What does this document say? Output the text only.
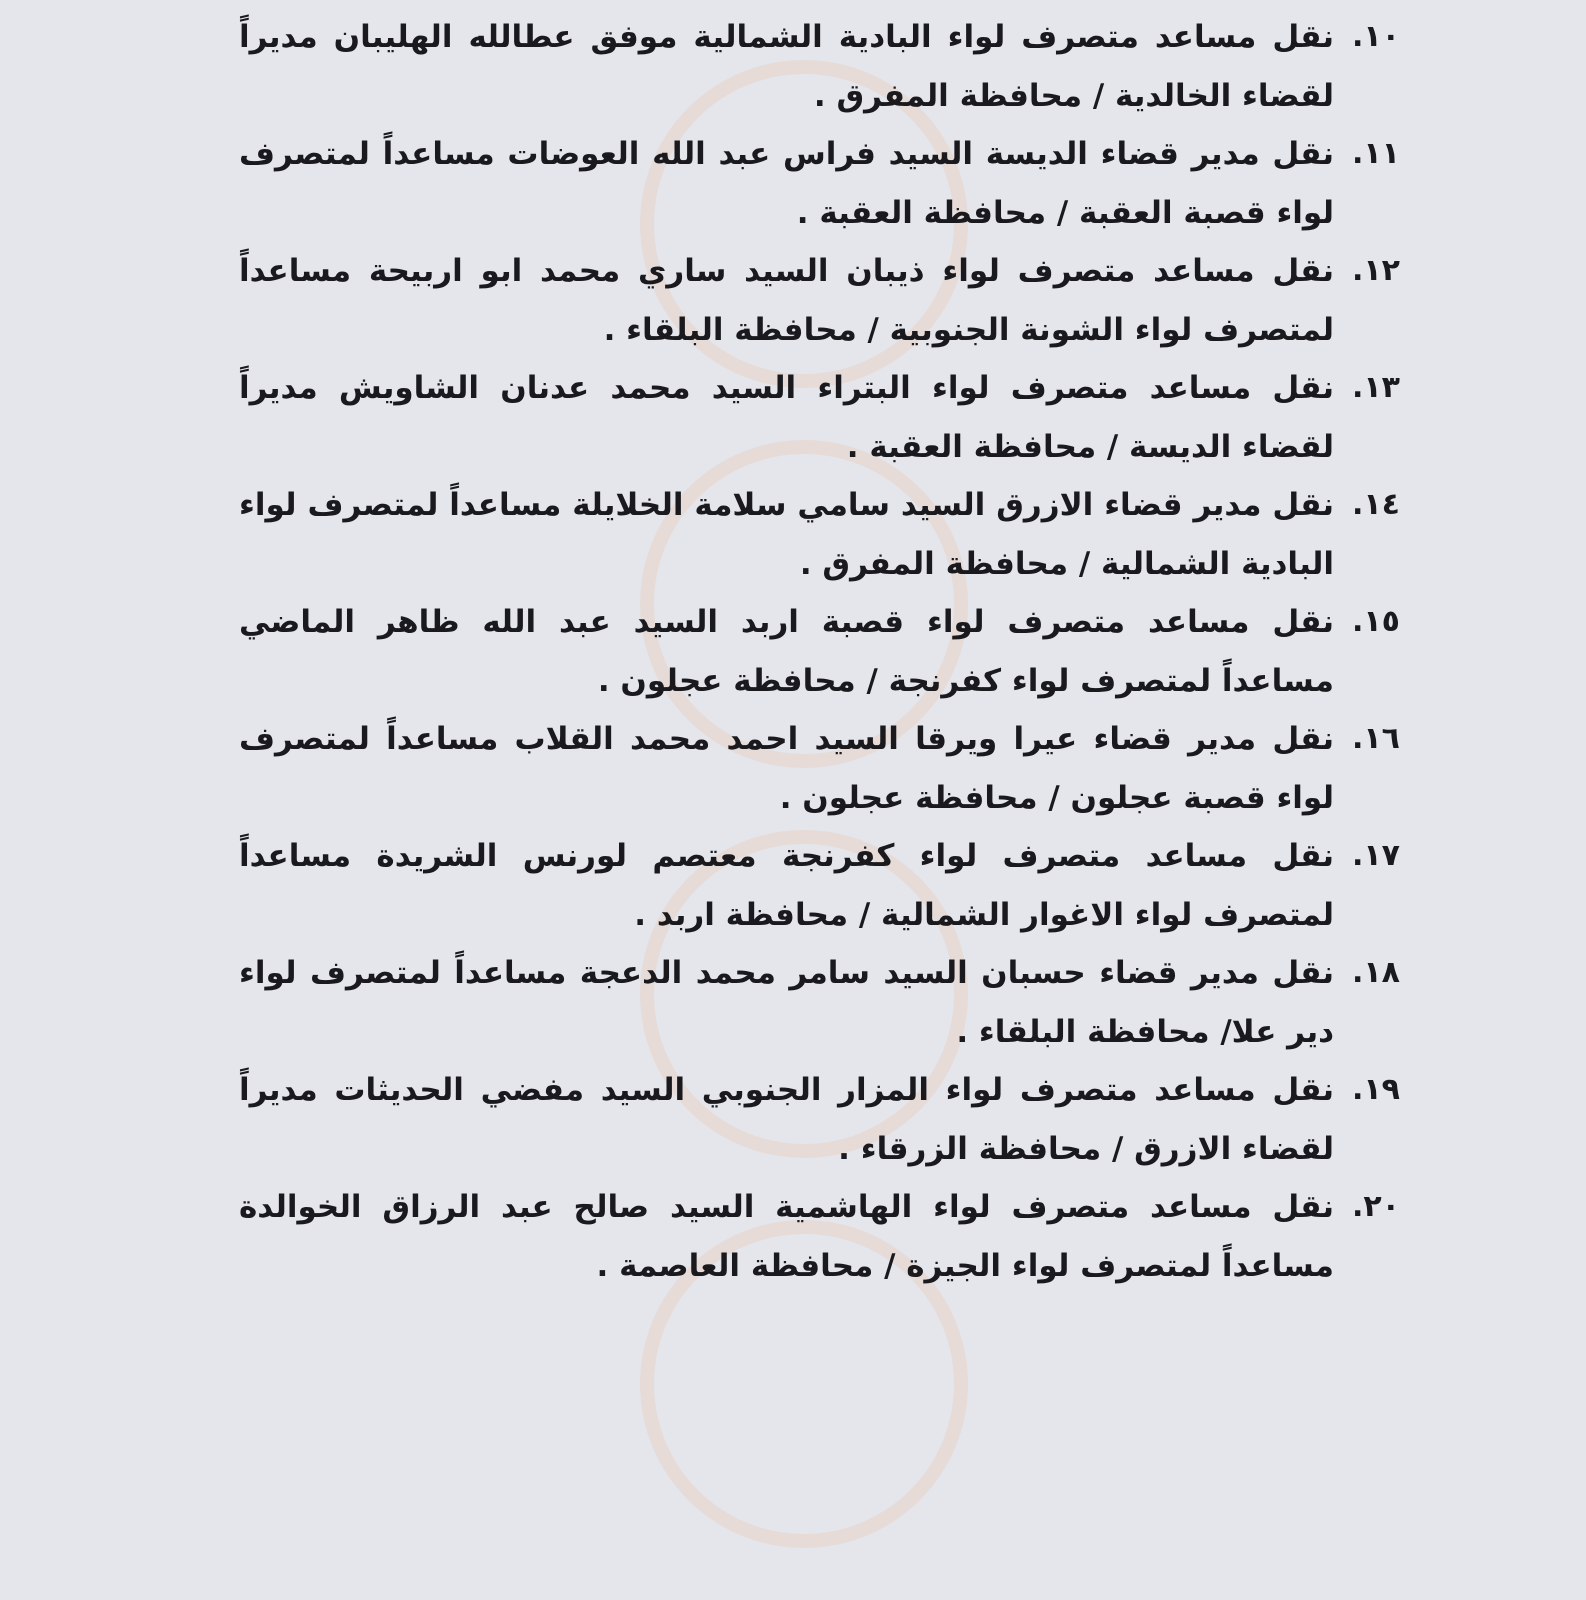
١٠.

نقل مساعد متصرف لواء البادية الشمالية موفق عطالله الهليبان مديراً لقضاء الخالدية / محافظة المفرق .

١١.

نقل مدير قضاء الديسة السيد فراس عبد الله العوضات مساعداً لمتصرف لواء قصبة العقبة / محافظة العقبة .

١٢.

نقل مساعد متصرف لواء ذيبان السيد ساري محمد ابو اربيحة مساعداً لمتصرف لواء الشونة الجنوبية / محافظة البلقاء .

١٣.

نقل مساعد متصرف لواء البتراء السيد محمد عدنان الشاويش مديراً لقضاء الديسة / محافظة العقبة .

١٤.

نقل مدير قضاء الازرق السيد سامي سلامة الخلايلة مساعداً لمتصرف لواء البادية الشمالية / محافظة المفرق .

١٥.

نقل مساعد متصرف لواء قصبة اربد السيد عبد الله ظاهر الماضي مساعداً لمتصرف لواء كفرنجة / محافظة عجلون .

١٦.

نقل مدير قضاء عيرا ويرقا السيد احمد محمد القلاب مساعداً لمتصرف لواء قصبة عجلون / محافظة عجلون .

١٧.

نقل مساعد متصرف لواء كفرنجة معتصم لورنس الشريدة مساعداً لمتصرف لواء الاغوار الشمالية / محافظة اربد .

١٨.

نقل مدير قضاء حسبان السيد سامر محمد الدعجة مساعداً لمتصرف لواء دير علا/ محافظة البلقاء .

١٩.

نقل مساعد متصرف لواء المزار الجنوبي السيد مفضي الحديثات مديراً لقضاء الازرق / محافظة الزرقاء .

٢٠.

نقل مساعد متصرف لواء الهاشمية السيد صالح عبد الرزاق الخوالدة مساعداً لمتصرف لواء الجيزة / محافظة العاصمة .
